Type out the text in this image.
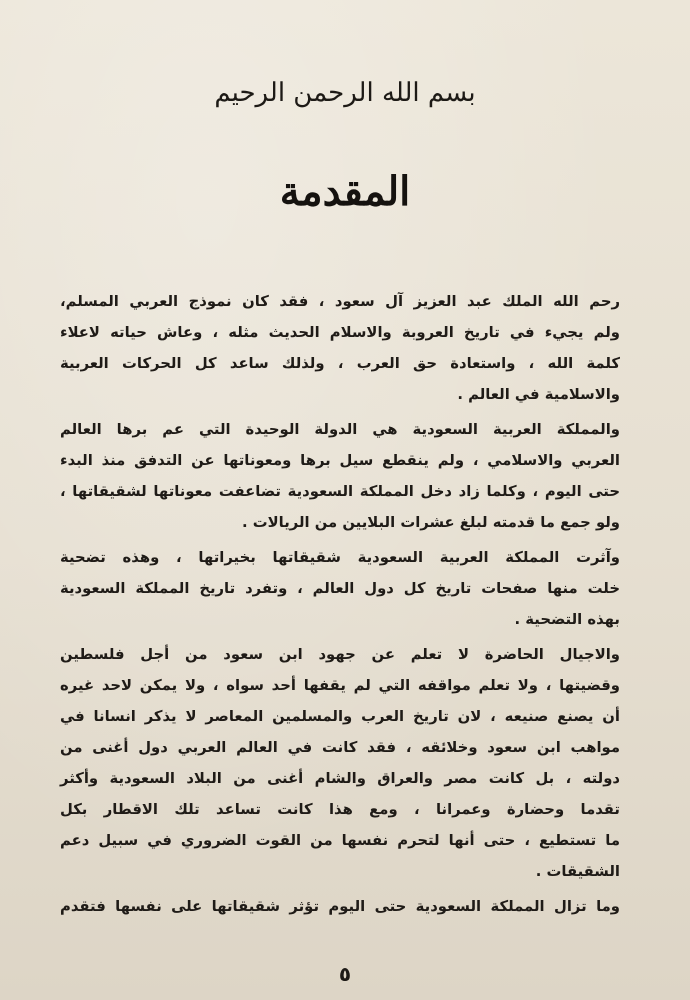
بسم الله الرحمن الرحيم
المقدمة
رحم الله الملك عبد العزيز آل سعود ، فقد كان نموذج العربي المسلم،
ولم يجيء في تاريخ العروبة والاسلام الحديث مثله ، وعاش حياته لاعلاء
كلمة الله ، واستعادة حق العرب ، ولذلك ساعد كل الحركات العربية
والاسلامية في العالم .
والمملكة العربية السعودية هي الدولة الوحيدة التي عم برها العالم
العربي والاسلامي ، ولم ينقطع سيل برها ومعوناتها عن التدفق منذ البدء
حتى اليوم ، وكلما زاد دخل المملكة السعودية تضاعفت معوناتها لشقيقاتها ،
ولو جمع ما قدمته لبلغ عشرات البلايين من الريالات .
وآثرت المملكة العربية السعودية شقيقاتها بخيراتها ، وهذه تضحية
خلت منها صفحات تاريخ كل دول العالم ، وتفرد تاريخ المملكة السعودية
بهذه التضحية .
والاجيال الحاضرة لا تعلم عن جهود ابن سعود من أجل فلسطين
وقضيتها ، ولا تعلم مواقفه التي لم يقفها أحد سواه ، ولا يمكن لاحد غيره
أن يصنع صنيعه ، لان تاريخ العرب والمسلمين المعاصر لا يذكر انسانا في
مواهب ابن سعود وخلائقه ، فقد كانت في العالم العربي دول أغنى من
دولته ، بل كانت مصر والعراق والشام أغنى من البلاد السعودية وأكثر
تقدما وحضارة وعمرانا ، ومع هذا كانت تساعد تلك الاقطار بكل
ما تستطيع ، حتى أنها لتحرم نفسها من القوت الضروري في سبيل دعم
الشقيقات .
وما تزال المملكة السعودية حتى اليوم تؤثر شقيقاتها على نفسها فتقدم
٥
